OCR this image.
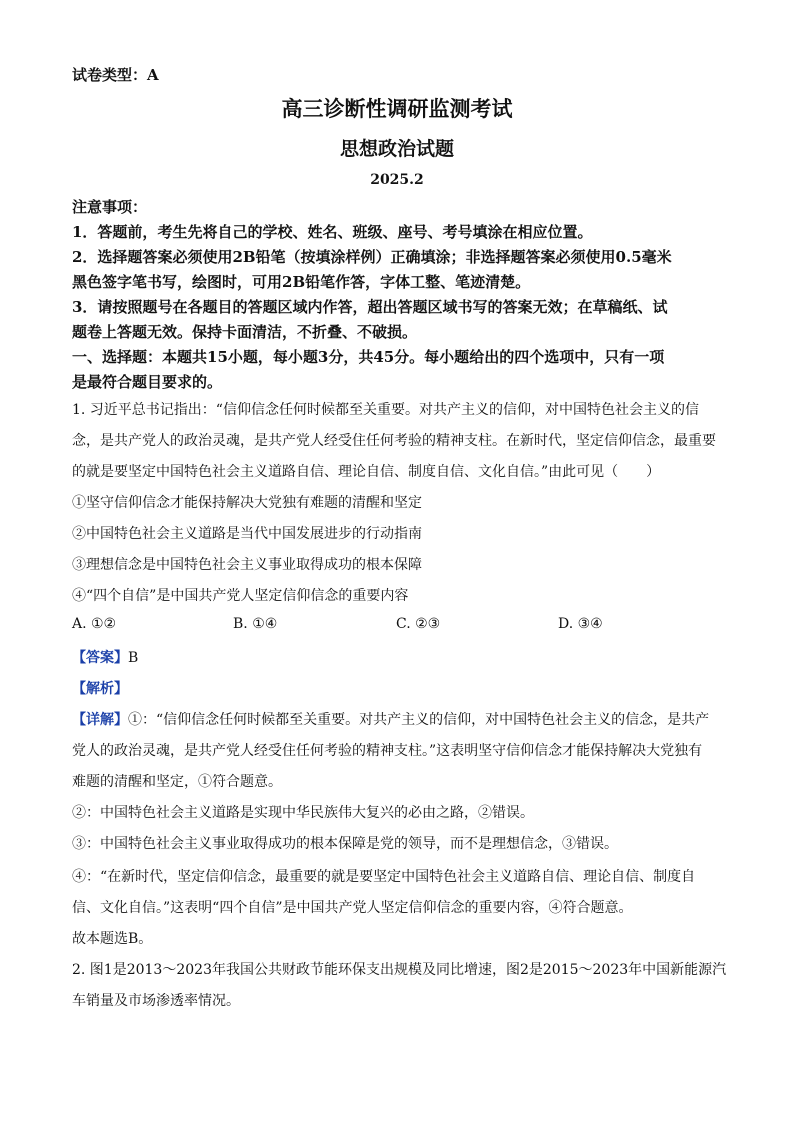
试卷类型：A
高三诊断性调研监测考试
思想政治试题
2025.2
注意事项：
1．答题前，考生先将自己的学校、姓名、班级、座号、考号填涂在相应位置。
2．选择题答案必须使用2B铅笔（按填涂样例）正确填涂；非选择题答案必须使用0.5毫米
黑色签字笔书写，绘图时，可用2B铅笔作答，字体工整、笔迹清楚。
3．请按照题号在各题目的答题区域内作答，超出答题区域书写的答案无效；在草稿纸、试
题卷上答题无效。保持卡面清洁，不折叠、不破损。
一、选择题：本题共15小题，每小题3分，共45分。每小题给出的四个选项中，只有一项
是最符合题目要求的。
1. 习近平总书记指出：“信仰信念任何时候都至关重要。对共产主义的信仰，对中国特色社会主义的信
念，是共产党人的政治灵魂，是共产党人经受住任何考验的精神支柱。在新时代，坚定信仰信念，最重要
的就是要坚定中国特色社会主义道路自信、理论自信、制度自信、文化自信。”由此可见（　　）
①坚守信仰信念才能保持解决大党独有难题的清醒和坚定
②中国特色社会主义道路是当代中国发展进步的行动指南
③理想信念是中国特色社会主义事业取得成功的根本保障
④“四个自信”是中国共产党人坚定信仰信念的重要内容
A. ①②	B. ①④	C. ②③	D. ③④
【答案】B
【解析】
【详解】①：“信仰信念任何时候都至关重要。对共产主义的信仰，对中国特色社会主义的信念，是共产
党人的政治灵魂，是共产党人经受住任何考验的精神支柱。”这表明坚守信仰信念才能保持解决大党独有
难题的清醒和坚定，①符合题意。
②：中国特色社会主义道路是实现中华民族伟大复兴的必由之路，②错误。
③：中国特色社会主义事业取得成功的根本保障是党的领导，而不是理想信念，③错误。
④：“在新时代，坚定信仰信念，最重要的就是要坚定中国特色社会主义道路自信、理论自信、制度自
信、文化自信。”这表明“四个自信”是中国共产党人坚定信仰信念的重要内容，④符合题意。
故本题选B。
2. 图1是2013～2023年我国公共财政节能环保支出规模及同比增速，图2是2015～2023年中国新能源汽
车销量及市场渗透率情况。
